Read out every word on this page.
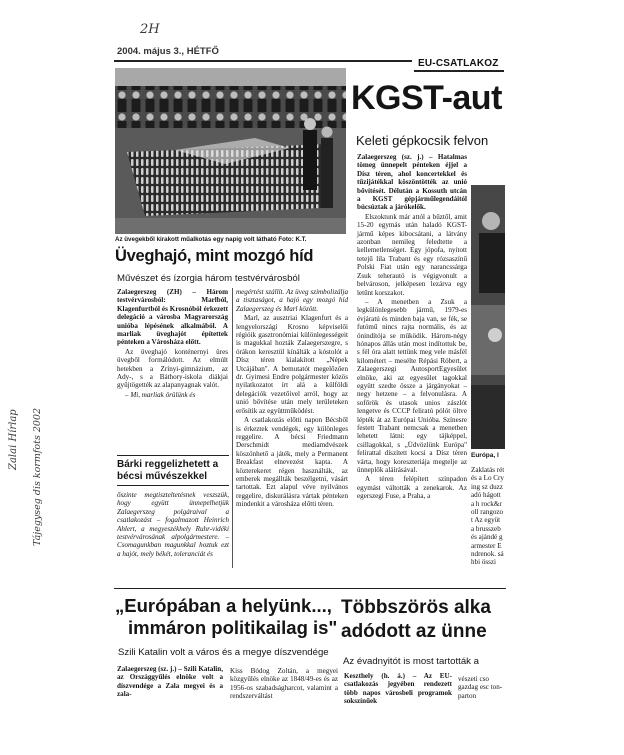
2H
Zalai Hírlap Tájegyseg dis kormfots 2002
2004. május 3., HÉTFŐ
EU-CSATLAKOZ
Az üvegekből kirakott műalkotás egy napig volt látható Foto: K.T.
Üveghajó, mint mozgó híd
Művészet és ízorgia három testvérvárosból

Zalaegerszeg (ZH) – Három testvérvárosból: Marlból, Klagenfurtból és Krosnóból érkezett delegáció a városba Magyarország unióba lépésének alkalmából. A marliak üveghajót építettek pénteken a Városháza előtt.

Az üveghajó konténernyi üres üvegből formálódott. Az elmúlt hetekben a Zrínyi-gimnázium, az Ady-, s a Báthory-iskola diákjai gyűjtögették az alapanyagnak valót.

– Mi, marliak örülünk és

megértést szállít. Az üveg szimbolizálja a tisztaságot, a hajó egy mozgó híd Zalaegerszeg és Marl között.

Marl, az ausztriai Klagenfurt és a lengyelországi Krosno képviselői régióik gasztronómiai különlegességeit is magukkal hozták Zalaegerszegre, s órákon keresztül kínálták a kóstolót a Dísz téren kialakított „Népek Utcájában". A bemutatót megelőzően dr. Gyimesi Endre polgármester közös nyilatkozatot írt alá a külföldi delegációk vezetőivel arról, hogy az unió bővítése után mely területeken erősítik az együttműködést.

A csatlakozás előtti napon Bécsből is érkeztek vendégek, egy különleges reggelire. A bécsi Friedmann Derschmidt mediamdvészek köszönhető a játék, mely a Permanent Breakfast elnevezést kapta. A közterekeret régen használták, az emberek megállták beszélgetni, vásárt tartottak. Ezt alapul véve nyilvános reggelire, diskurálásra vártak pénteken mindenkit a városháza előtti téren.

Bárki reggelizhetett a bécsi művészekkel
őszinte megtiszteltetésnek veszszük, hogy együtt ünnepelhetjük Zalaegerszeg polgáraival a csatlakozást – fogalmazott Heinrich Ahlert, a megyeszékhely Ruhr-vidéki testvérvárosának alpolgármestere. – Csomagunkban magunkkal hoztuk ezt a hajót, mely békét, toleranciát és
KGST-aut
Keleti gépkocsik felvon

Zalaegerszeg (sz. j.) – Hatalmas tömeg ünnepelt pénteken éjjel a Dísz téren, ahol koncertekkel és tűzijátékkal köszöntötték az unió bővítését. Délután a Kossuth utcán a KGST gépjárműlegendáitól búcsúztak a járókelők.

Elszoktunk már attól a bűztől, amit 15-20 egymás után haladó KGST-jármű képes kibocsátani, a látvány azonban nemileg feledtette a kellemetlenséget. Egy jópofa, nyitott tetejű lila Trabant és egy rózsaszínű Polski Fiat után egy narancssárga Zsuk teherautó is végigvonult a belvároson, jelképesen lezárva egy letűnt korszakot.

– A menetben a Zsuk a legkülönlegesebb jármű, 1979-es évjáratú és minden baja van, se fék, se futómű nincs rajta normális, és az önindítója se működik. Három-négy hónapos állás után most indítottuk be, s fél óra alatt tettünk meg vele másfél kilométert – mesélte Répási Róbert, a Zalaegerszegi AutosportEgyesület elnöke, aki az egyesület tagokkal együtt szedte össze a járgányokat – negy hetzene – a felvonulásra. A sofőrök és utasok unios zászlót lengetve és CCCP feliratú pólót öltve lépték át az Európai Unióba. Színesre festett Trabant nemcsak a menetben lehetett látni: egy tájképpel, csillagokkal, s „Üdvözlünk Európa" felirattal díszített kocsi a Dísz téren várta, hogy koreszteriája megtelje az ünneplők aláírásával.

A téren felépített színpadon egymást váltották a zenekarok. Az egerszegi Fuse, a Praha, a

Európa, l
Zaklatás rét és a Lo Crying sz duzzadó hágott a h rock&roll rangozot Az együt a brusszeb és ajándé garmester Endrenok. sáhbi összi
„Európában a helyünk...,
immáron politikailag is"
Szili Katalin volt a város és a megye díszvendége
Zalaegerszeg (sz. j.) – Szili Katalin, az Országgyűlés elnöke volt a díszvendége a Zala megyei és a zala-
Kiss Bódog Zoltán, a megyei közgyűlés elnöke az 1848/49-es és az 1956-os szabadságharcot, valamint a rendszerváltást
Többszörös alka
adódott az ünne
Az évadnyitót is most tartották a
Keszthely (h. á.) – Az EU-csatlakozás jegyében rendezett több napos városbeli programok sokszínűek
vészeti cso gazdag esc ton-parton
